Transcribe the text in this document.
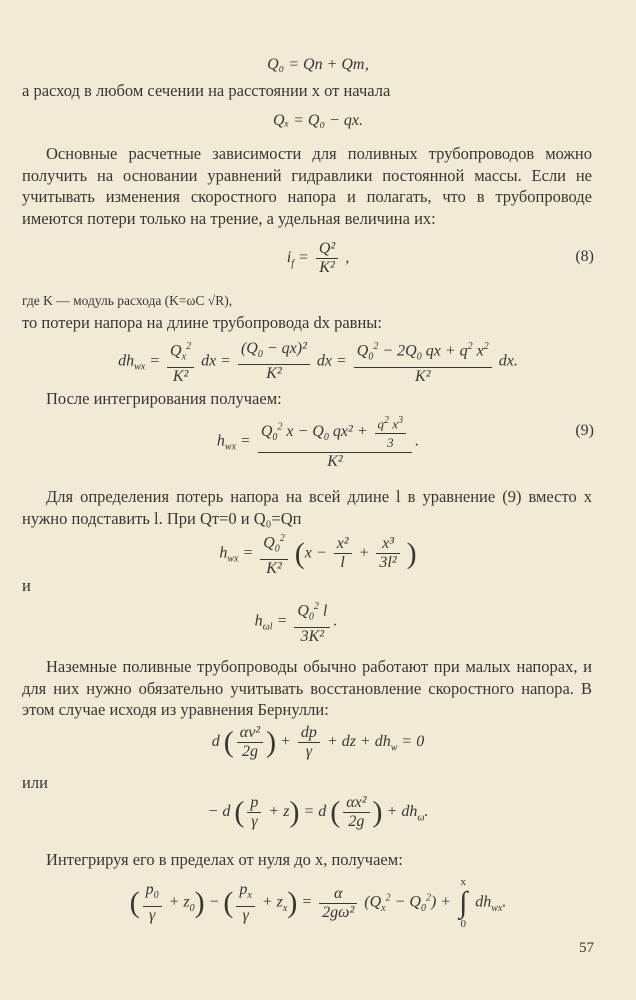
Q₀ = Qп + Qт,

а расход в любом сечении на расстоянии x от начала

Qₓ = Q₀ − qx.

Основные расчетные зависимости для поливных трубопроводов можно получить на основании уравнений гидравлики постоянной массы. Если не учитывать изменения скоростного напора и полагать, что в трубопроводе имеются потери только на трение, а удельная величина их:

$i_f = \frac{\text{Q²}}{\text{K²}}$ ,	(8)

где K — модуль расхода (K=ωC √R),

то потери напора на длине трубопровода dx равны:

$dh_{wx} = \frac{Q_x^2}{\text{K²}}$ dx = $\frac{(Q_0 - qx)^2}{\text{K²}}$ dx = $\frac{Q_0^2 - 2Q_0 qx + q^2 x^2}{\text{K²}}$ dx.

После интегрирования получаем:

$h_{wx} = \frac{Q_0^2 x - Q_0 qx^2 + \frac{q^2 x^3}{3}}{\text{K²}}$ .
(9)

Для определения потерь напора на всей длине l в уравнение (9) вместо x нужно подставить l. При Qт=0 и Q₀=Qп

$h_{wx} = \frac{Q_0^2}{\text{K²}} (x - \frac{\text{x²}}{l} + \frac{\text{x³}}{\text{3l²}}$ )

и

$h_{\omega l} = \frac{Q_0^2 l}{\text{3K²}}$ .

Наземные поливные трубопроводы обычно работают при малых напорах, и для них нужно обязательно учитывать восстановление скоростного напора. В этом случае исходя из уравнения Бернулли:

d ( $\frac{\text{αv²}}{2g}$ ) + $\frac{dp}{\gamma}$ + dz + $dh_w = 0$

или

− d ( $\frac{p}{\gamma} + z) = d$ ( $\frac{\text{αx²}}{2g}$ ) + $dh_\omega$.

Интегрируя его в пределах от нуля до x, получаем:

( $\frac{p_0}{\gamma} + z_0$) − ( $\frac{p_x}{\gamma} + z_x) = \frac{\alpha}{\text{2gω²}} (Q_x^2 - Q_0^2)$ +
x
∫
0
$dh_{wx}$.
57
